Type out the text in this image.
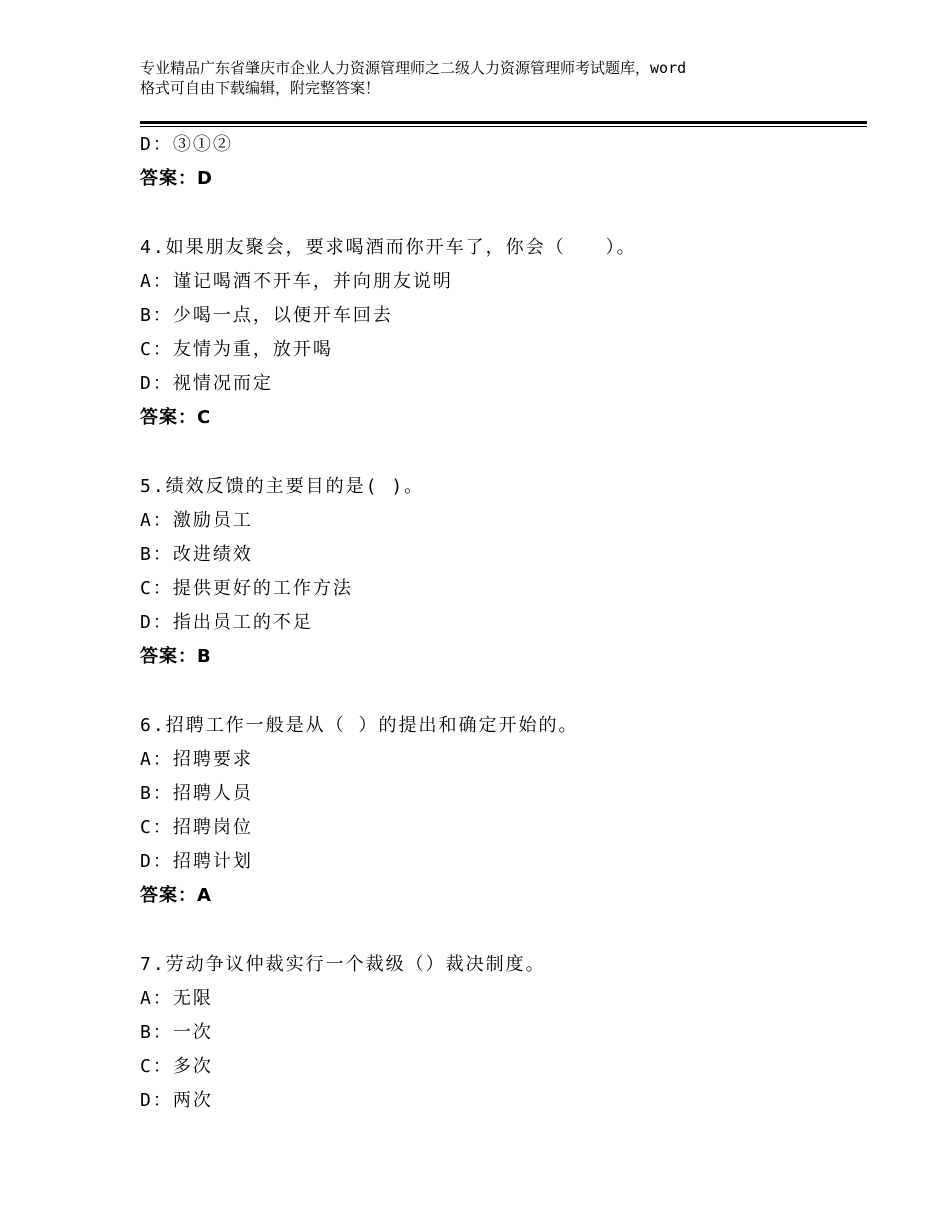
专业精品广东省肇庆市企业人力资源管理师之二级人力资源管理师考试题库，word
格式可自由下载编辑，附完整答案！
D：③①②
答案：D
4.如果朋友聚会，要求喝酒而你开车了，你会（　　）。
A：谨记喝酒不开车，并向朋友说明
B：少喝一点，以便开车回去
C：友情为重，放开喝
D：视情况而定
答案：C
5.绩效反馈的主要目的是( )。
A：激励员工
B：改进绩效
C：提供更好的工作方法
D：指出员工的不足
答案：B
6.招聘工作一般是从（ ）的提出和确定开始的。
A：招聘要求
B：招聘人员
C：招聘岗位
D：招聘计划
答案：A
7.劳动争议仲裁实行一个裁级（）裁决制度。
A：无限
B：一次
C：多次
D：两次
